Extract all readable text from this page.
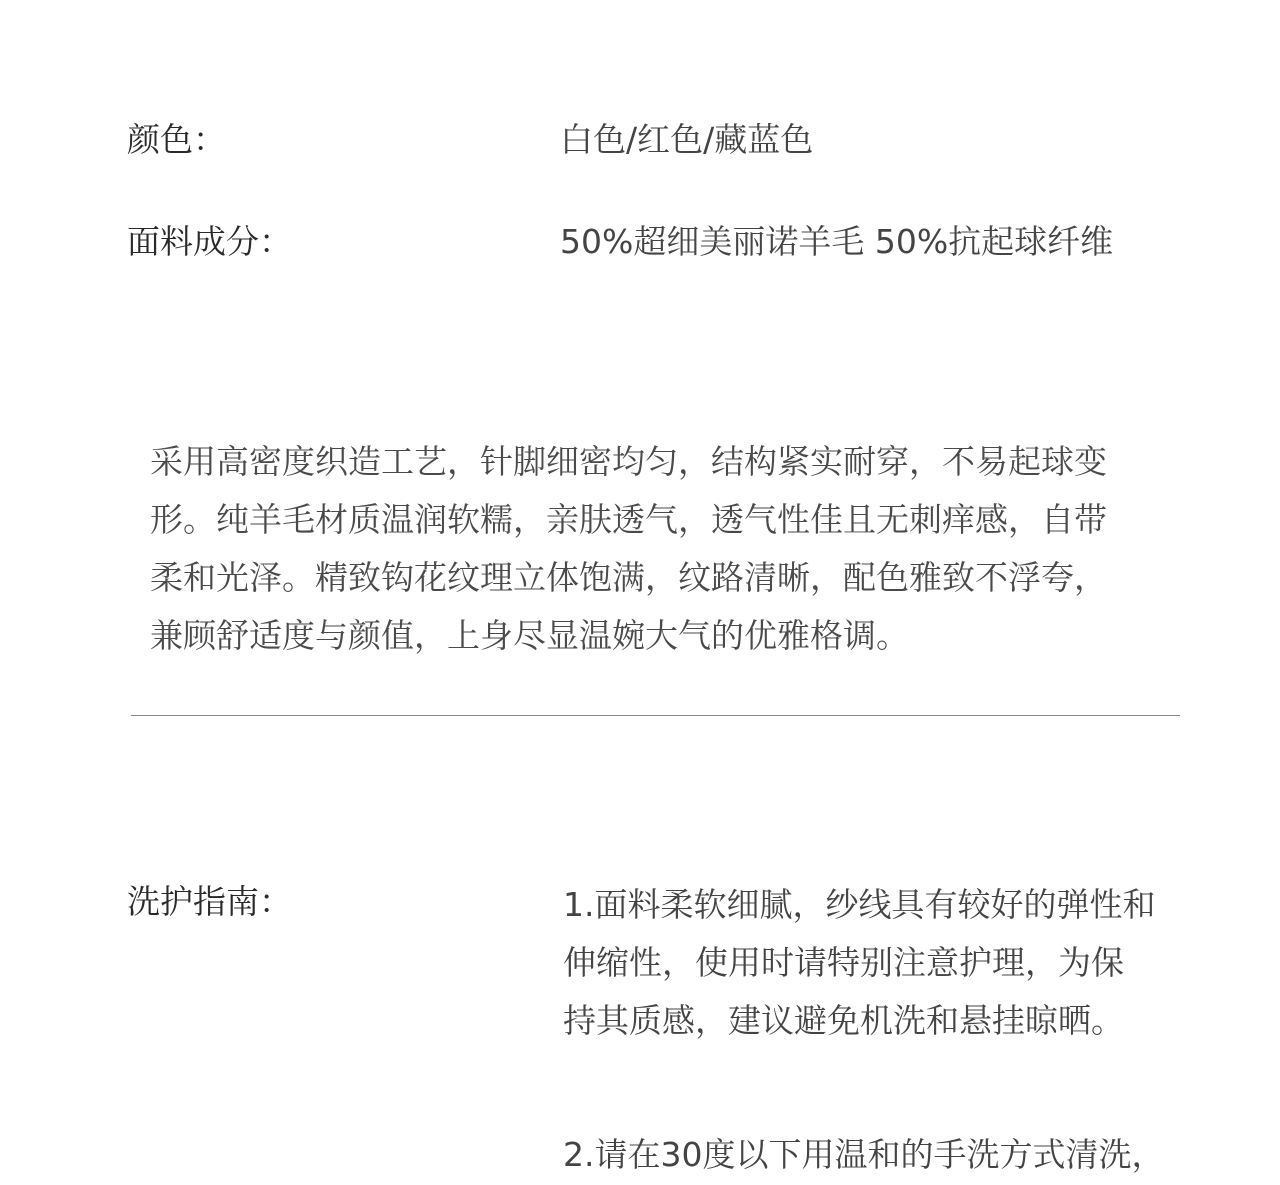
颜色：	白色/红色/藏蓝色
面料成分：	50%超细美丽诺羊毛 50%抗起球纤维
采用高密度织造工艺，针脚细密均匀，结构紧实耐穿，不易起球变
形。纯羊毛材质温润软糯，亲肤透气，透气性佳且无刺痒感，自带
柔和光泽。精致钩花纹理立体饱满，纹路清晰，配色雅致不浮夸，
兼顾舒适度与颜值，上身尽显温婉大气的优雅格调。
洗护指南：	1.面料柔软细腻，纱线具有较好的弹性和
伸缩性，使用时请特别注意护理，为保
持其质感，建议避免机洗和悬挂晾晒。
2.请在30度以下用温和的手洗方式清洗，
